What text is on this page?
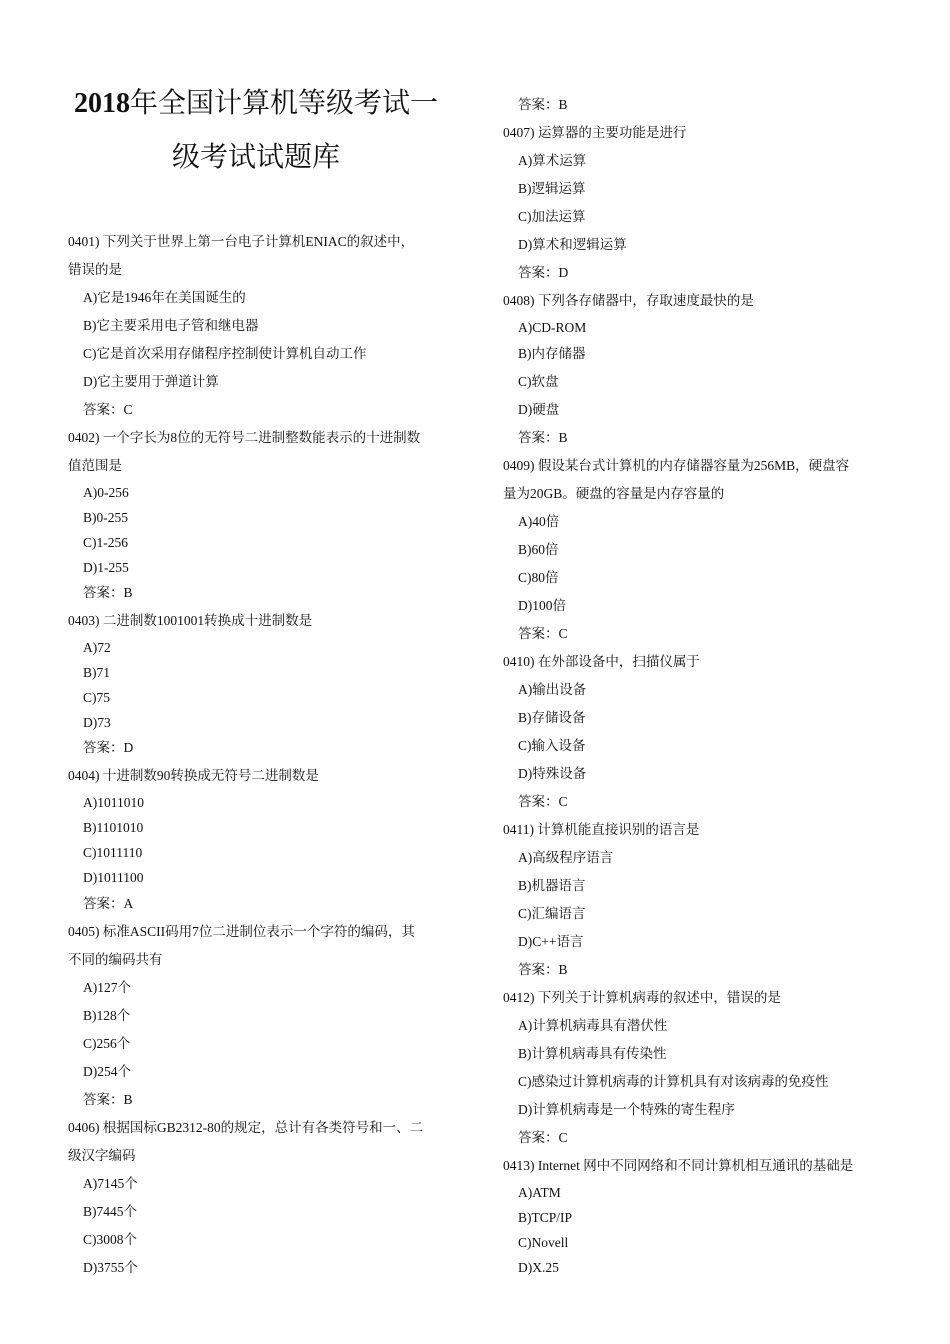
2018年全国计算机等级考试一
级考试试题库
0401) 下列关于世界上第一台电子计算机ENIAC的叙述中，
错误的是
A)它是1946年在美国诞生的
B)它主要采用电子管和继电器
C)它是首次采用存储程序控制使计算机自动工作
D)它主要用于弹道计算
答案：C
0402) 一个字长为8位的无符号二进制整数能表示的十进制数
值范围是
A)0-256
B)0-255
C)1-256
D)1-255
答案：B
0403) 二进制数1001001转换成十进制数是
A)72
B)71
C)75
D)73
答案：D
0404) 十进制数90转换成无符号二进制数是
A)1011010
B)1101010
C)1011110
D)1011100
答案：A
0405) 标准ASCII码用7位二进制位表示一个字符的编码，其
不同的编码共有
A)127个
B)128个
C)256个
D)254个
答案：B
0406) 根据国标GB2312-80的规定，总计有各类符号和一、二
级汉字编码
A)7145个
B)7445个
C)3008个
D)3755个
答案：B
0407) 运算器的主要功能是进行
A)算术运算
B)逻辑运算
C)加法运算
D)算术和逻辑运算
答案：D
0408) 下列各存储器中，存取速度最快的是
A)CD-ROM
B)内存储器
C)软盘
D)硬盘
答案：B
0409) 假设某台式计算机的内存储器容量为256MB，硬盘容
量为20GB。硬盘的容量是内存容量的
A)40倍
B)60倍
C)80倍
D)100倍
答案：C
0410) 在外部设备中，扫描仪属于
A)输出设备
B)存储设备
C)输入设备
D)特殊设备
答案：C
0411) 计算机能直接识别的语言是
A)高级程序语言
B)机器语言
C)汇编语言
D)C++语言
答案：B
0412) 下列关于计算机病毒的叙述中，错误的是
A)计算机病毒具有潜伏性
B)计算机病毒具有传染性
C)感染过计算机病毒的计算机具有对该病毒的免疫性
D)计算机病毒是一个特殊的寄生程序
答案：C
0413) Internet 网中不同网络和不同计算机相互通讯的基础是
A)ATM
B)TCP/IP
C)Novell
D)X.25
